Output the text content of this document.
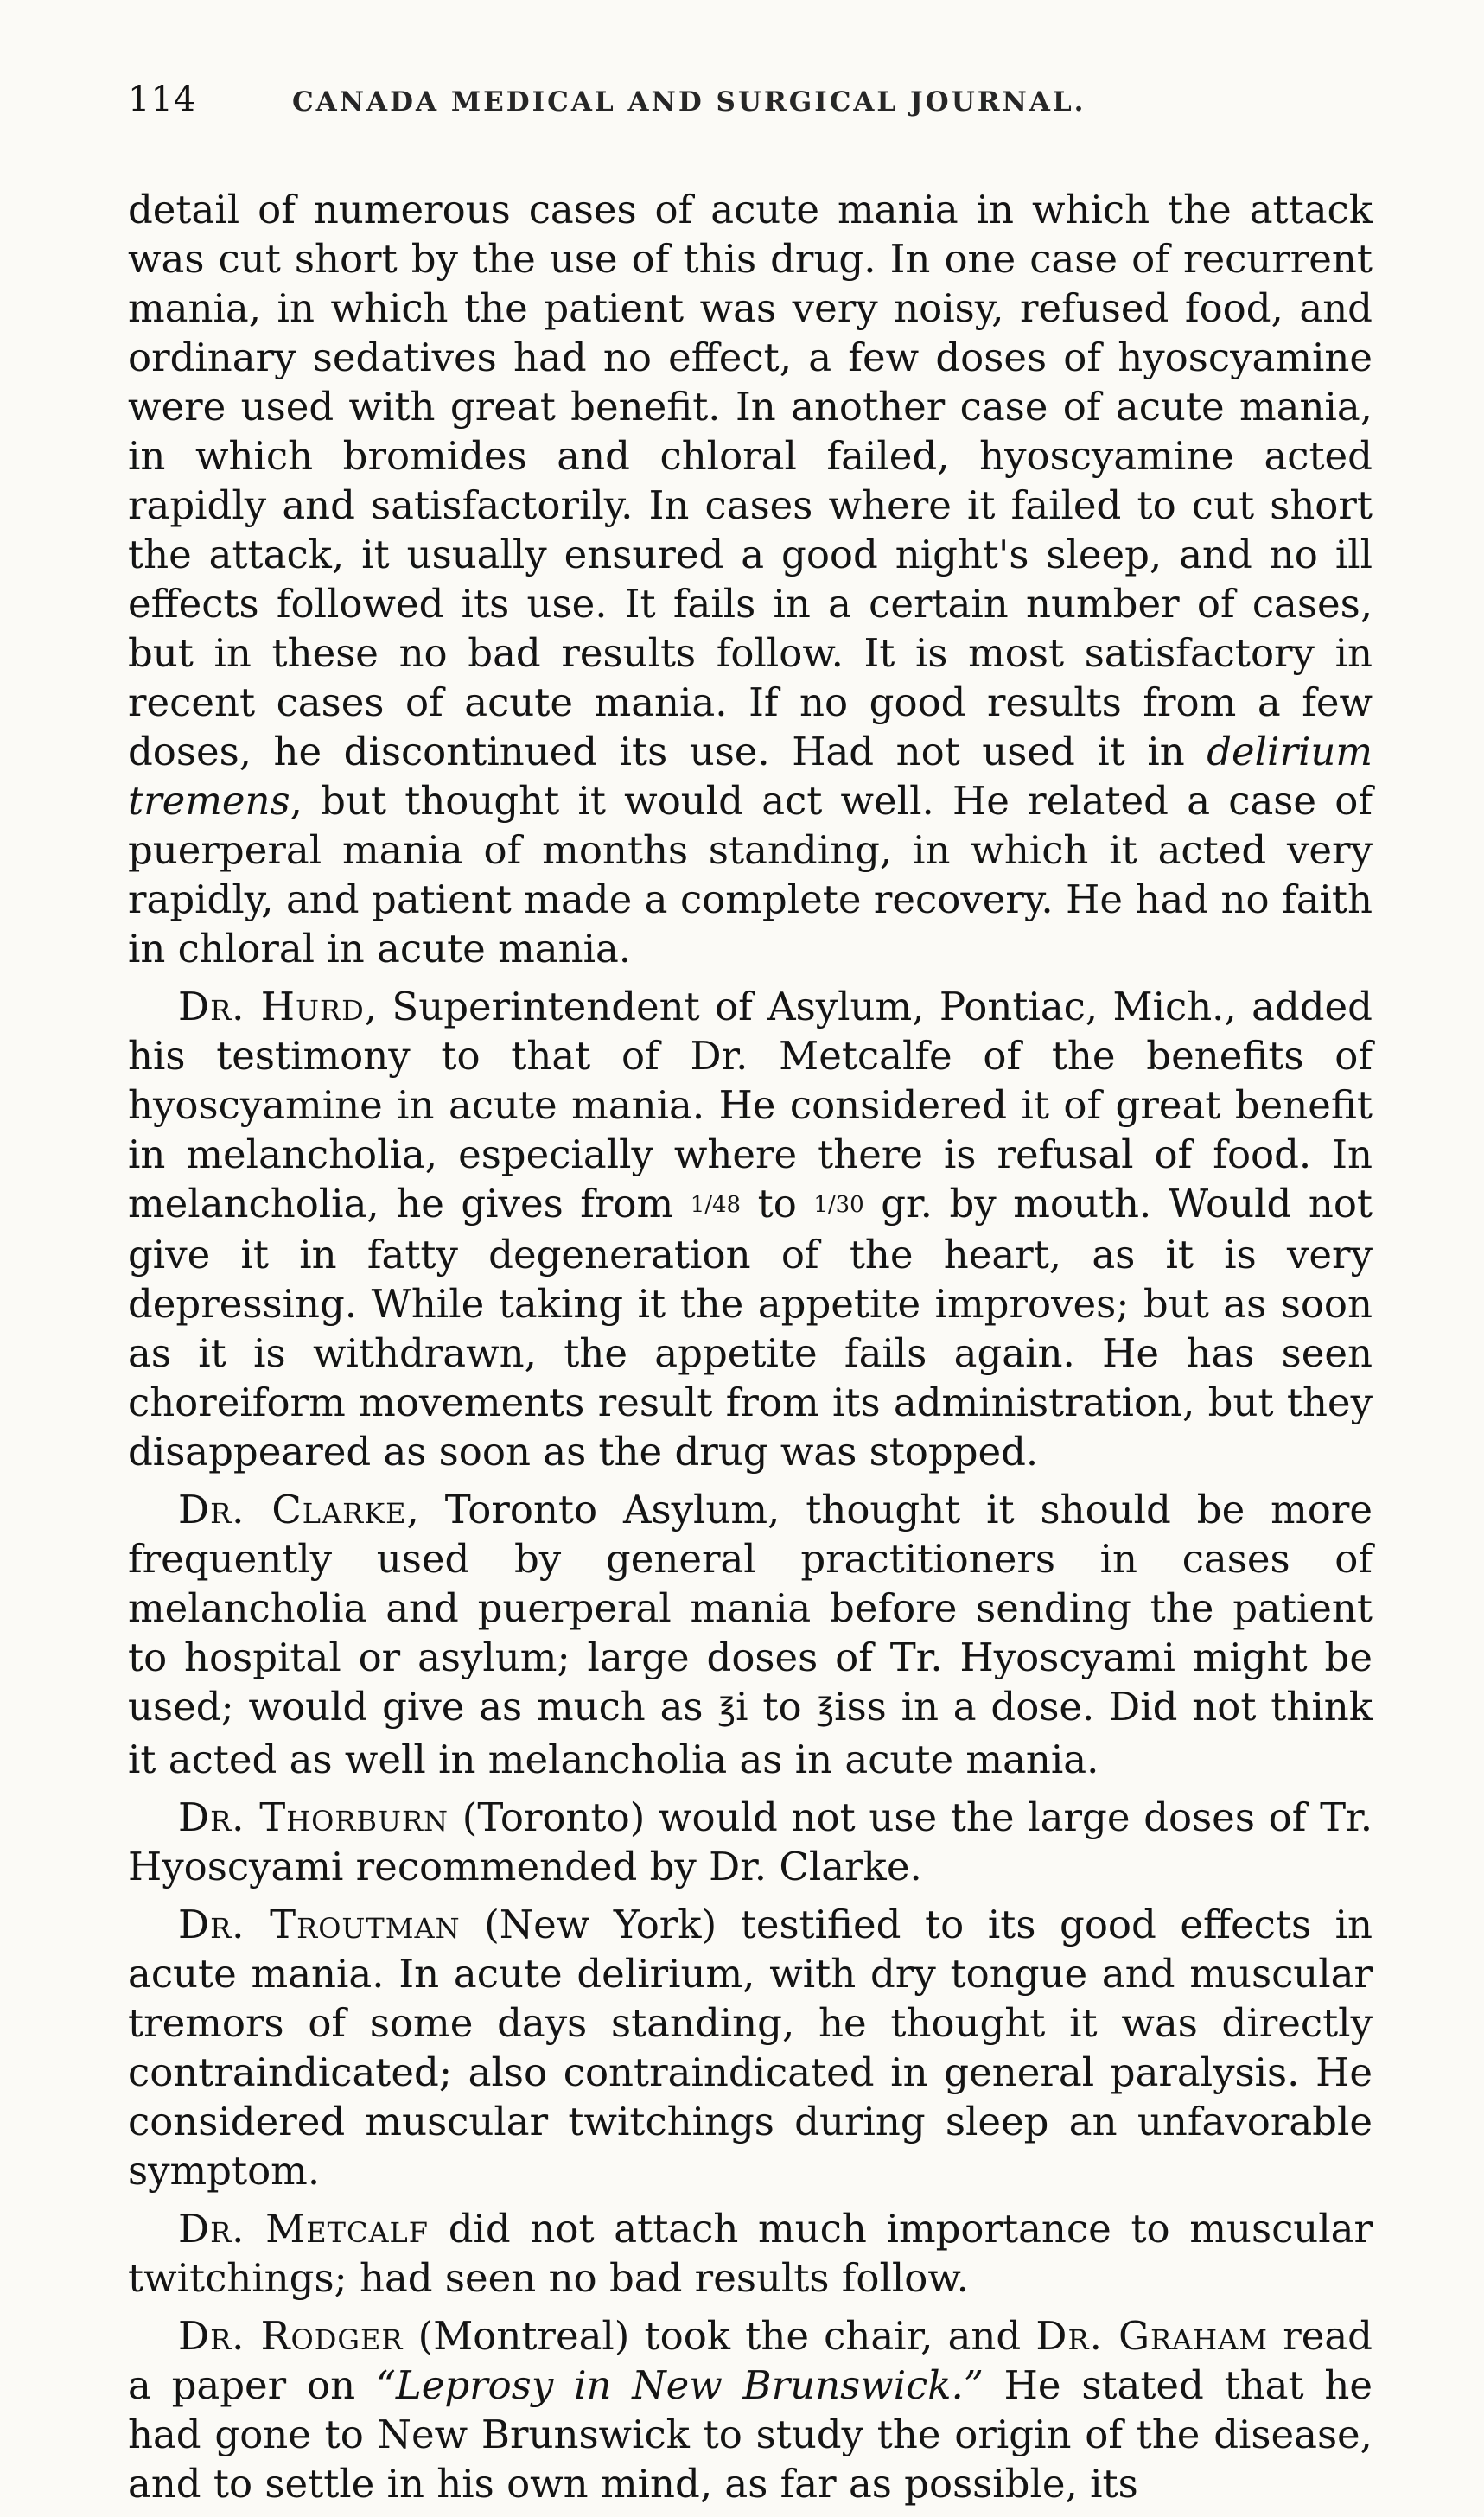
114	CANADA MEDICAL AND SURGICAL JOURNAL.

detail of numerous cases of acute mania in which the attack was cut short by the use of this drug. In one case of recurrent mania, in which the patient was very noisy, refused food, and ordinary sedatives had no effect, a few doses of hyoscyamine were used with great benefit. In another case of acute mania, in which bromides and chloral failed, hyoscyamine acted rapidly and satisfactorily. In cases where it failed to cut short the attack, it usually ensured a good night's sleep, and no ill effects followed its use. It fails in a certain number of cases, but in these no bad results follow. It is most satisfactory in recent cases of acute mania. If no good results from a few doses, he discontinued its use. Had not used it in delirium tremens, but thought it would act well. He related a case of puerperal mania of months standing, in which it acted very rapidly, and patient made a complete recovery. He had no faith in chloral in acute mania.

Dr. Hurd, Superintendent of Asylum, Pontiac, Mich., added his testimony to that of Dr. Metcalfe of the benefits of hyoscyamine in acute mania. He considered it of great benefit in melancholia, especially where there is refusal of food. In melancholia, he gives from 1/48 to 1/30 gr. by mouth. Would not give it in fatty degeneration of the heart, as it is very depressing. While taking it the appetite improves; but as soon as it is withdrawn, the appetite fails again. He has seen choreiform movements result from its administration, but they disappeared as soon as the drug was stopped.

Dr. Clarke, Toronto Asylum, thought it should be more frequently used by general practitioners in cases of melancholia and puerperal mania before sending the patient to hospital or asylum; large doses of Tr. Hyoscyami might be used; would give as much as ℥i to ℥iss in a dose. Did not think it acted as well in melancholia as in acute mania.

Dr. Thorburn (Toronto) would not use the large doses of Tr. Hyoscyami recommended by Dr. Clarke.

Dr. Troutman (New York) testified to its good effects in acute mania. In acute delirium, with dry tongue and muscular tremors of some days standing, he thought it was directly contraindicated; also contraindicated in general paralysis. He considered muscular twitchings during sleep an unfavorable symptom.

Dr. Metcalf did not attach much importance to muscular twitchings; had seen no bad results follow.

Dr. Rodger (Montreal) took the chair, and Dr. Graham read a paper on “Leprosy in New Brunswick.” He stated that he had gone to New Brunswick to study the origin of the disease, and to settle in his own mind, as far as possible, its
